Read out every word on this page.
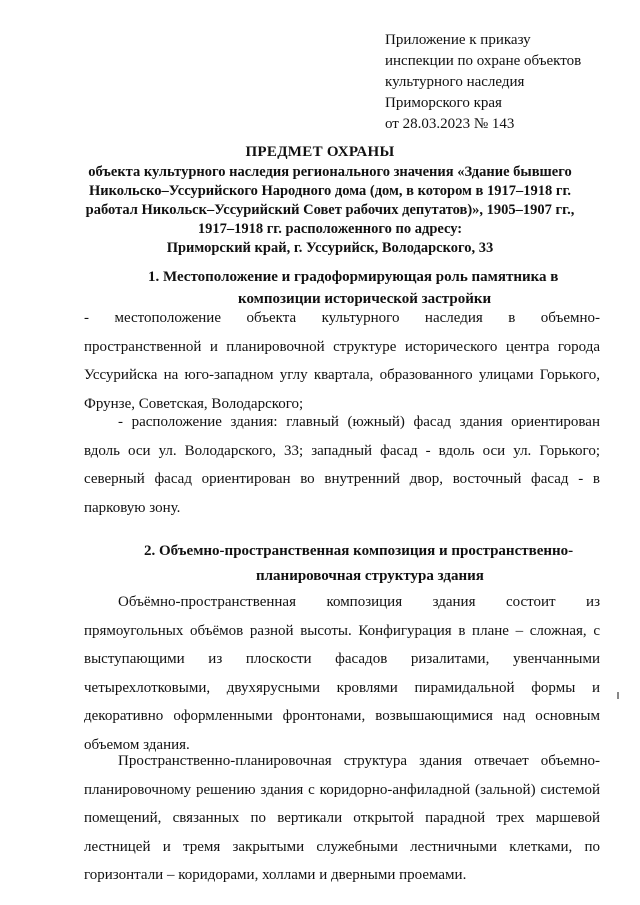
Приложение к приказу
инспекции по охране объектов
культурного наследия
Приморского края
от 28.03.2023 № 143
ПРЕДМЕТ ОХРАНЫ
объекта культурного наследия регионального значения «Здание бывшего
Никольско–Уссурийского Народного дома (дом, в котором в 1917–1918 гг.
работал Никольск–Уссурийский Совет рабочих депутатов)», 1905–1907 гг.,
1917–1918 гг. расположенного по адресу:
Приморский край, г. Уссурийск, Володарского, 33
1. Местоположение и градоформирующая роль памятника в
композиции исторической застройки
- местоположение объекта культурного наследия в объемно-
пространственной и планировочной структуре исторического центра города
Уссурийска на юго-западном углу квартала, образованного улицами Горького,
Фрунзе, Советская, Володарского;
- расположение здания: главный (южный) фасад здания ориентирован
вдоль оси ул. Володарского, 33; западный фасад - вдоль оси ул. Горького;
северный фасад ориентирован во внутренний двор, восточный фасад - в
парковую зону.
2. Объемно-пространственная композиция и пространственно-
планировочная структура здания
Объёмно-пространственная композиция здания состоит из
прямоугольных объёмов разной высоты. Конфигурация в плане – сложная, с
выступающими из плоскости фасадов ризалитами, увенчанными
четырехлотковыми, двухярусными кровлями пирамидальной формы и
декоративно оформленными фронтонами, возвышающимися над основным
объемом здания.
Пространственно-планировочная структура здания отвечает объемно-
планировочному решению здания с коридорно-анфиладной (зальной) системой
помещений, связанных по вертикали открытой парадной трех маршевой
лестницей и тремя закрытыми служебными лестничными клетками, по
горизонтали – коридорами, холлами и дверными проемами.
